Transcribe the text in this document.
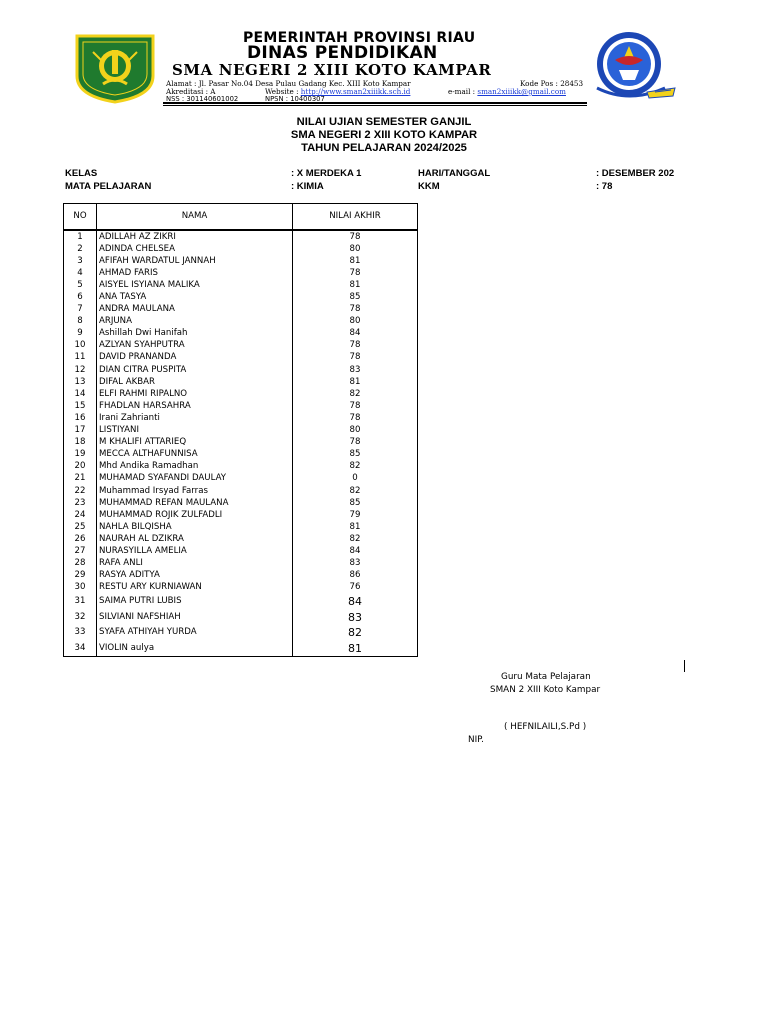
PEMERINTAH PROVINSI RIAU
DINAS PENDIDIKAN
SMA NEGERI 2 XIII KOTO KAMPAR
Alamat : Jl. Pasar No.04 Desa Pulau Gadang Kec. XIII Koto Kampar	Kode Pos : 28453
Akreditasi : A	Website : http://www.sman2xiiikk.sch.id	e-mail : sman2xiiikk@gmail.com
NSS : 301140601002	NPSN : 10400307
NILAI UJIAN SEMESTER GANJIL
SMA NEGERI 2 XIII KOTO KAMPAR
TAHUN PELAJARAN 2024/2025
KELAS	: X MERDEKA 1	HARI/TANGGAL	: DESEMBER 202
MATA PELAJARAN	: KIMIA	KKM	: 78
NO	NAMA	NILAI AKHIR
1	ADILLAH AZ ZIKRI	78
2	ADINDA CHELSEA	80
3	AFIFAH WARDATUL JANNAH	81
4	AHMAD FARIS	78
5	AISYEL ISYIANA MALIKA	81
6	ANA TASYA	85
7	ANDRA MAULANA	78
8	ARJUNA	80
9	Ashillah Dwi Hanifah	84
10	AZLYAN SYAHPUTRA	78
11	DAVID PRANANDA	78
12	DIAN CITRA PUSPITA	83
13	DIFAL AKBAR	81
14	ELFI RAHMI RIPALNO	82
15	FHADLAN HARSAHRA	78
16	Irani Zahrianti	78
17	LISTIYANI	80
18	M KHALIFI ATTARIEQ	78
19	MECCA ALTHAFUNNISA	85
20	Mhd Andika Ramadhan	82
21	MUHAMAD SYAFANDI DAULAY	0
22	Muhammad Irsyad Farras	82
23	MUHAMMAD REFAN MAULANA	85
24	MUHAMMAD ROJIK ZULFADLI	79
25	NAHLA BILQISHA	81
26	NAURAH AL DZIKRA	82
27	NURASYILLA AMELIA	84
28	RAFA ANLI	83
29	RASYA ADITYA	86
30	RESTU ARY KURNIAWAN	76
31	SAIMA PUTRI LUBIS	84
32	SILVIANI NAFSHIAH	83
33	SYAFA ATHIYAH YURDA	82
34	VIOLIN aulya	81
Guru Mata Pelajaran
SMAN 2 XIII Koto Kampar
( HEFNILAILI,S.Pd )
NIP.
